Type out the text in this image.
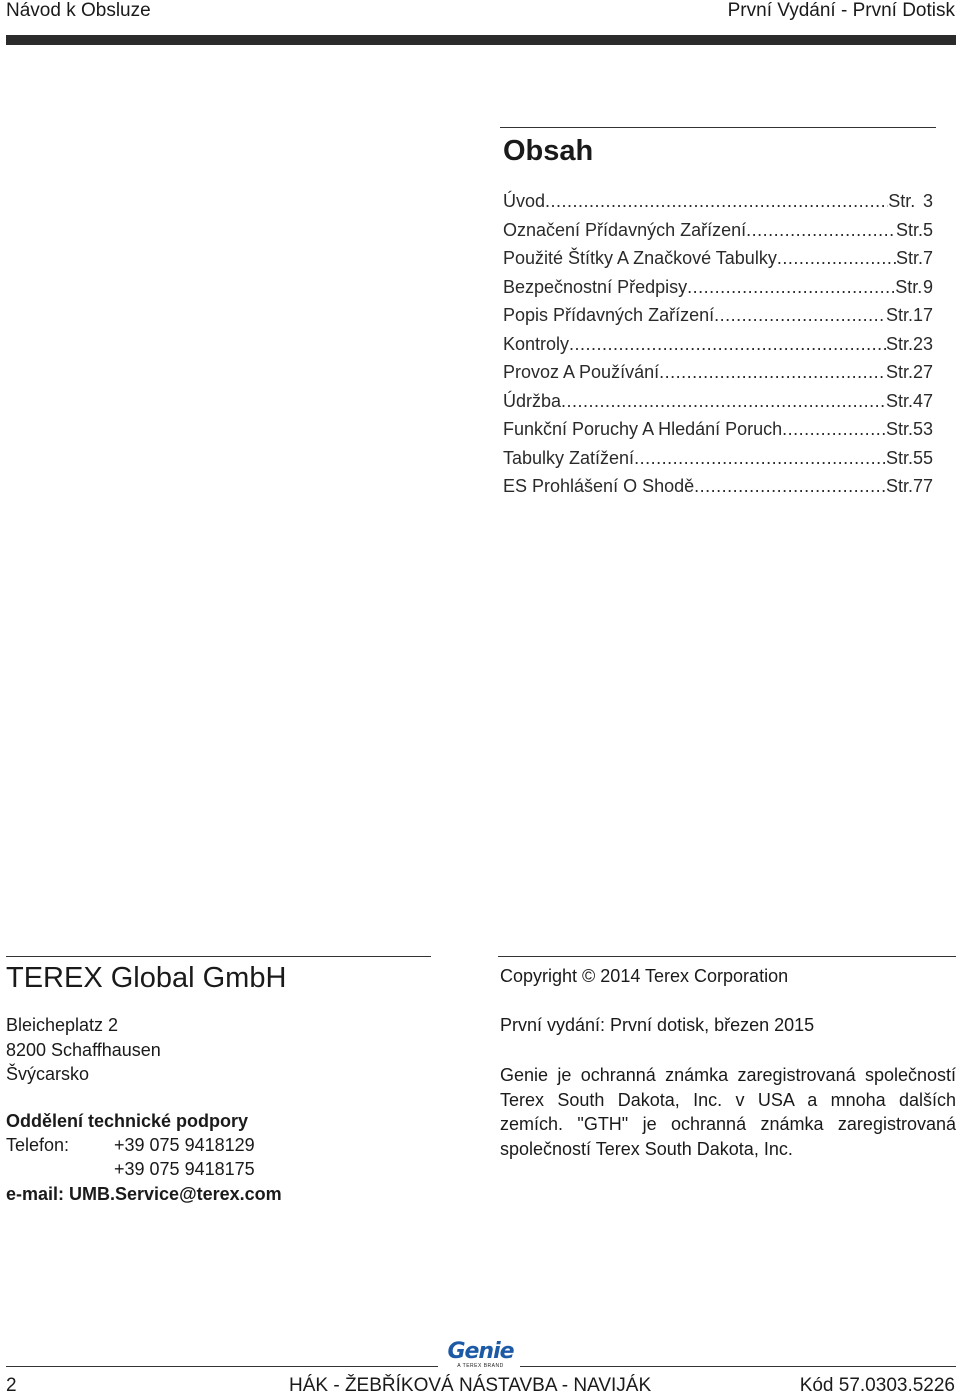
Návod k Obsluze	První Vydání - První Dotisk
Obsah
Úvod .....	Str. 3
Označení Přídavných Zařízení .....	Str. 5
Použité Štítky A Značkové Tabulky .....	Str. 7
Bezpečnostní Předpisy .....	Str. 9
Popis Přídavných Zařízení .....	Str. 17
Kontroly .....	Str. 23
Provoz A Používání .....	Str. 27
Údržba .....	Str. 47
Funkční Poruchy A Hledání Poruch .....	Str. 53
Tabulky Zatížení .....	Str. 55
ES Prohlášení O Shodě .....	Str. 77
TEREX Global GmbH
Bleicheplatz 2
8200 Schaffhausen
Švýcarsko
Oddělení technické podpory
Telefon: +39 075 9418129
+39 075 9418175
e-mail: UMB.Service@terex.com
Copyright © 2014 Terex Corporation
První vydání: První dotisk, březen 2015
Genie je ochranná známka zaregistrovaná společností Terex South Dakota, Inc. v USA a mnoha dalších zemích. "GTH" je ochranná známka zaregistrovaná společností Terex South Dakota, Inc.
Genie
A TEREX BRAND
2	HÁK - ŽEBŘÍKOVÁ NÁSTAVBA - NAVIJÁK	Kód 57.0303.5226
